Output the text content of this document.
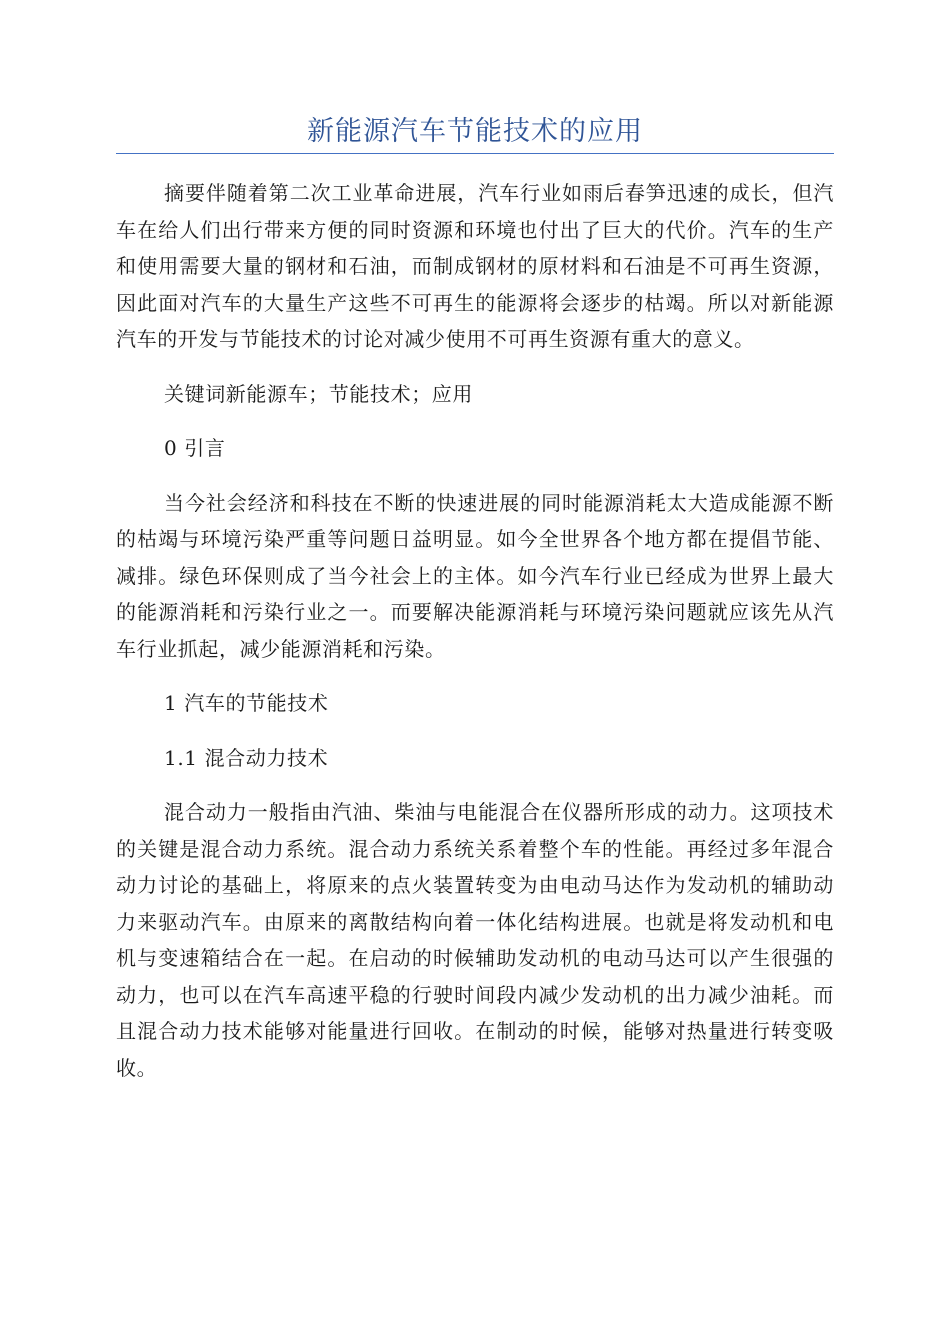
新能源汽车节能技术的应用

摘要伴随着第二次工业革命进展，汽车行业如雨后春笋迅速的成长，但汽车在给人们出行带来方便的同时资源和环境也付出了巨大的代价。汽车的生产和使用需要大量的钢材和石油，而制成钢材的原材料和石油是不可再生资源，因此面对汽车的大量生产这些不可再生的能源将会逐步的枯竭。所以对新能源汽车的开发与节能技术的讨论对减少使用不可再生资源有重大的意义。

关键词新能源车；节能技术；应用

0 引言

当今社会经济和科技在不断的快速进展的同时能源消耗太大造成能源不断的枯竭与环境污染严重等问题日益明显。如今全世界各个地方都在提倡节能、减排。绿色环保则成了当今社会上的主体。如今汽车行业已经成为世界上最大的能源消耗和污染行业之一。而要解决能源消耗与环境污染问题就应该先从汽车行业抓起，减少能源消耗和污染。

1 汽车的节能技术

1.1 混合动力技术

混合动力一般指由汽油、柴油与电能混合在仪器所形成的动力。这项技术的关键是混合动力系统。混合动力系统关系着整个车的性能。再经过多年混合动力讨论的基础上，将原来的点火装置转变为由电动马达作为发动机的辅助动力来驱动汽车。由原来的离散结构向着一体化结构进展。也就是将发动机和电机与变速箱结合在一起。在启动的时候辅助发动机的电动马达可以产生很强的动力，也可以在汽车高速平稳的行驶时间段内减少发动机的出力减少油耗。而且混合动力技术能够对能量进行回收。在制动的时候，能够对热量进行转变吸收。
